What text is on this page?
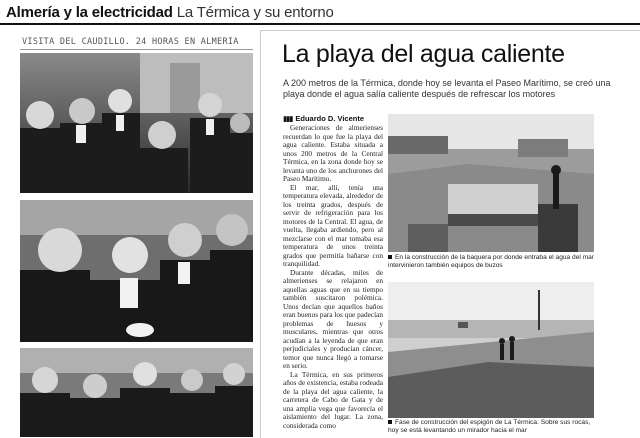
Almería y la electricidad La Térmica y su entorno
VISITA DEL CAUDILLO. 24 HORAS EN ALMERIA	La playa del agua caliente
A 200 metros de la Térmica, donde hoy se levanta el Paseo Marítimo, se creó una playa donde el agua salía caliente después de refrescar los motores
▮▮▮ Eduardo D. Vicente

Generaciones de almerienses recuerdan lo que fue la playa del agua caliente. Estaba situada a unos 200 metros de la Central Térmica, en la zona donde hoy se levanta uno de los anchurones del Paseo Marítimo.

El mar, allí, tenía una temperatura elevada, alrededor de los treinta grados, después de servir de refrigeración para los motores de la Central. El agua, de vuelta, llegaba ardiendo, pero al mezclarse con el mar tomaba esa temperatura de unos treinta grados que permitía bañarse con tranquilidad.

Durante décadas, miles de almerienses se relajaron en aquellas aguas que en su tiempo también suscitaron polémica. Unos decían que aquellos baños eran buenos para los que padecían problemas de huesos y musculares, mientras que otros acudían a la leyenda de que eran perjudiciales y producían cáncer, temor que nunca llegó a tomarse en serio.

La Térmica, en sus primeros años de existencia, estaba rodeada de la playa del agua caliente, la carretera de Cabo de Gata y de una amplia vega que favorecía el aislamiento del lugar. La zona, considerada como

En la construcción de la baquera por donde entraba el agua del mar intervinieron también equipos de buzos
Fase de construcción del espigón de La Térmica. Sobre sus rocas, hoy se está levantando un mirador hacia el mar
